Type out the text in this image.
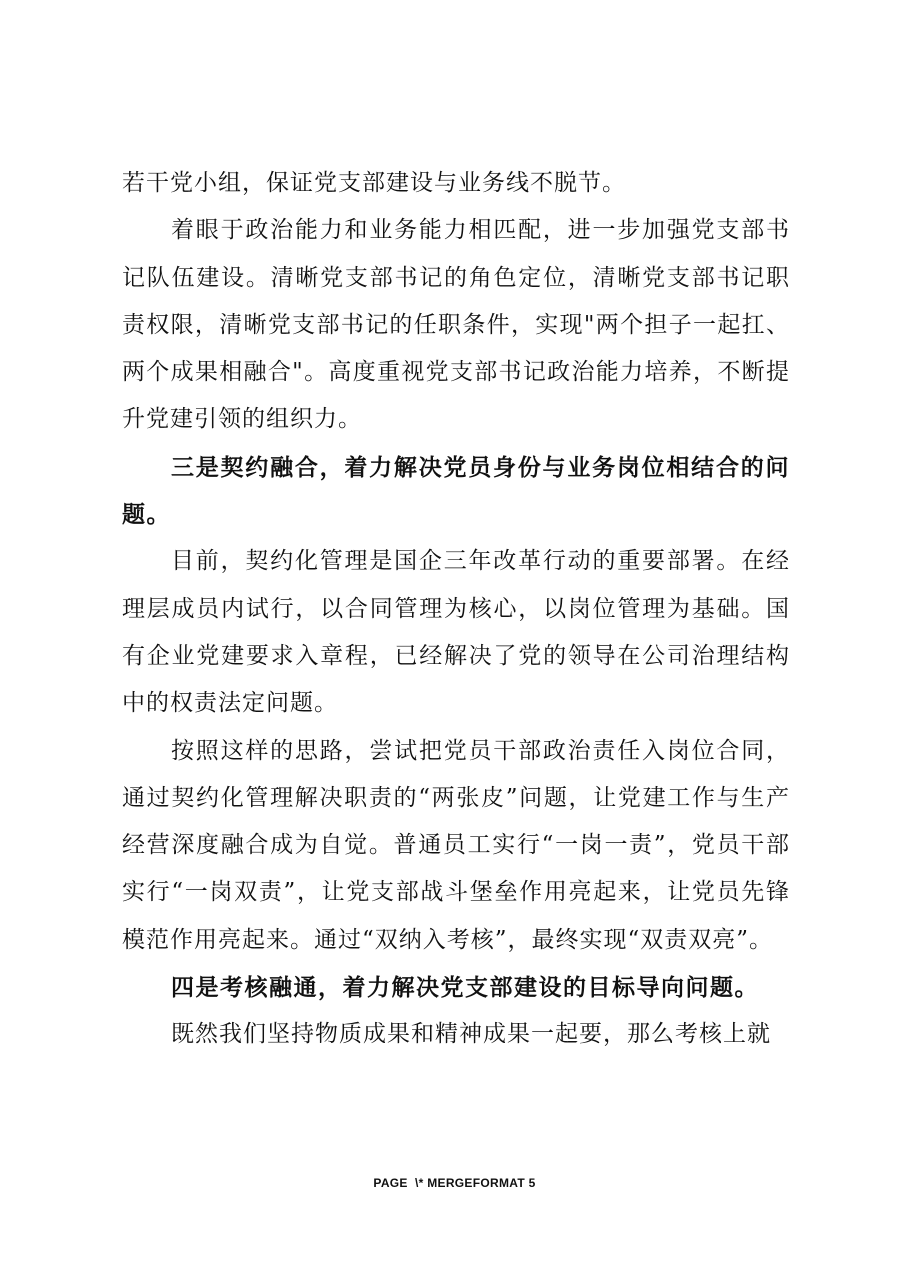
若干党小组，保证党支部建设与业务线不脱节。

着眼于政治能力和业务能力相匹配，进一步加强党支部书记队伍建设。清晰党支部书记的角色定位，清晰党支部书记职责权限，清晰党支部书记的任职条件，实现"两个担子一起扛、两个成果相融合"。高度重视党支部书记政治能力培养，不断提升党建引领的组织力。

三是契约融合，着力解决党员身份与业务岗位相结合的问题。

目前，契约化管理是国企三年改革行动的重要部署。在经理层成员内试行，以合同管理为核心，以岗位管理为基础。国有企业党建要求入章程，已经解决了党的领导在公司治理结构中的权责法定问题。

按照这样的思路，尝试把党员干部政治责任入岗位合同，通过契约化管理解决职责的“两张皮”问题，让党建工作与生产经营深度融合成为自觉。普通员工实行“一岗一责”，党员干部实行“一岗双责”，让党支部战斗堡垒作用亮起来，让党员先锋模范作用亮起来。通过“双纳入考核”，最终实现“双责双亮”。

四是考核融通，着力解决党支部建设的目标导向问题。

既然我们坚持物质成果和精神成果一起要，那么考核上就

PAGE  \* MERGEFORMAT 5
